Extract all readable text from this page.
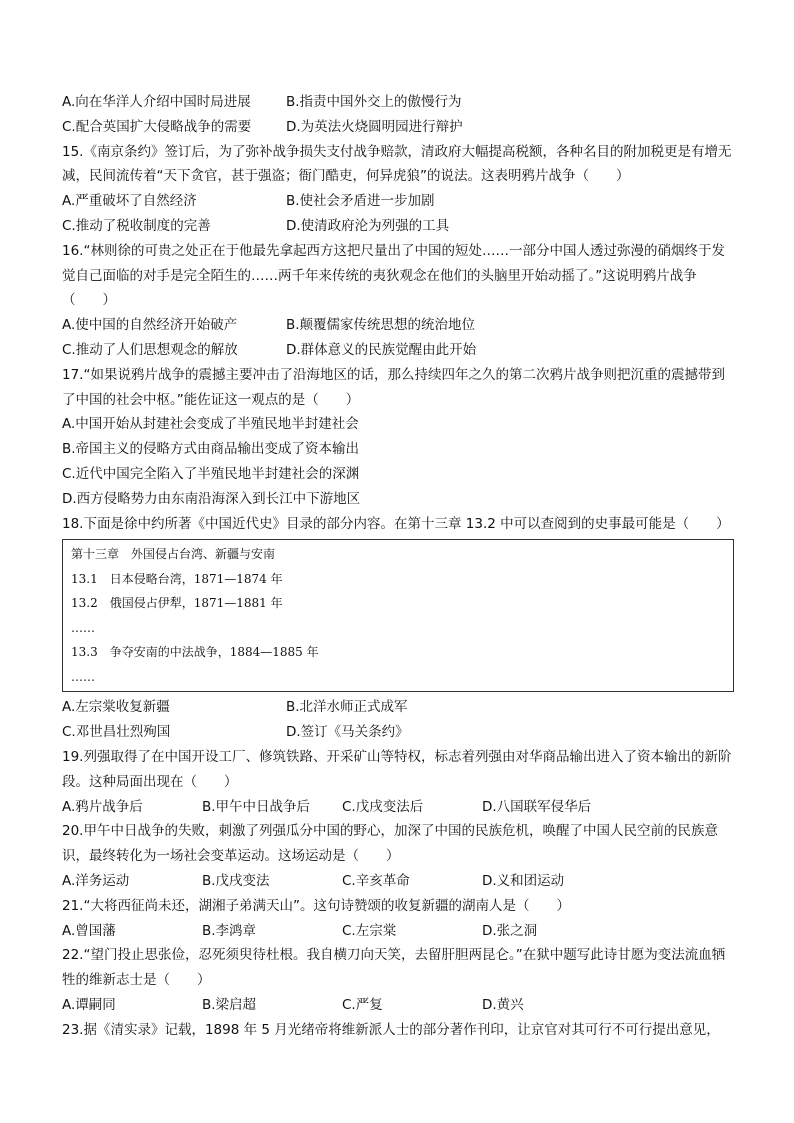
A.向在华洋人介绍中国时局进展	B.指责中国外交上的傲慢行为
C.配合英国扩大侵略战争的需要	D.为英法火烧圆明园进行辩护
15.《南京条约》签订后，为了弥补战争损失支付战争赔款，清政府大幅提高税额，各种名目的附加税更是有增无减，民间流传着“天下贪官，甚于强盗；衙门酷吏，何异虎狼”的说法。这表明鸦片战争（　　）
A.严重破坏了自然经济	B.使社会矛盾进一步加剧
C.推动了税收制度的完善	D.使清政府沦为列强的工具
16.“林则徐的可贵之处正在于他最先拿起西方这把尺量出了中国的短处……一部分中国人透过弥漫的硝烟终于发觉自己面临的对手是完全陌生的……两千年来传统的夷狄观念在他们的头脑里开始动摇了。”这说明鸦片战争（　　）
A.使中国的自然经济开始破产	B.颠覆儒家传统思想的统治地位
C.推动了人们思想观念的解放	D.群体意义的民族觉醒由此开始
17.“如果说鸦片战争的震撼主要冲击了沿海地区的话，那么持续四年之久的第二次鸦片战争则把沉重的震撼带到了中国的社会中枢。”能佐证这一观点的是（　　）
A.中国开始从封建社会变成了半殖民地半封建社会
B.帝国主义的侵略方式由商品输出变成了资本输出
C.近代中国完全陷入了半殖民地半封建社会的深渊
D.西方侵略势力由东南沿海深入到长江中下游地区
18.下面是徐中约所著《中国近代史》目录的部分内容。在第十三章 13.2 中可以查阅到的史事最可能是（　　）
第十三章　外国侵占台湾、新疆与安南
13.1　日本侵略台湾，1871—1874 年
13.2　俄国侵占伊犁，1871—1881 年
……
13.3　争夺安南的中法战争，1884—1885 年
……
A.左宗棠收复新疆	B.北洋水师正式成军
C.邓世昌壮烈殉国	D.签订《马关条约》
19.列强取得了在中国开设工厂、修筑铁路、开采矿山等特权，标志着列强由对华商品输出进入了资本输出的新阶段。这种局面出现在（　　）
A.鸦片战争后	B.甲午中日战争后	C.戊戌变法后	D.八国联军侵华后
20.甲午中日战争的失败，刺激了列强瓜分中国的野心，加深了中国的民族危机，唤醒了中国人民空前的民族意识，最终转化为一场社会变革运动。这场运动是（　　）
A.洋务运动	B.戊戌变法	C.辛亥革命	D.义和团运动
21.“大将西征尚未还，湖湘子弟满天山”。这句诗赞颂的收复新疆的湖南人是（　　）
A.曾国藩	B.李鸿章	C.左宗棠	D.张之洞
22.“望门投止思张俭，忍死须臾待杜根。我自横刀向天笑，去留肝胆两昆仑。”在狱中题写此诗甘愿为变法流血牺牲的维新志士是（　　）
A.谭嗣同	B.梁启超	C.严复	D.黄兴
23.据《清实录》记载，1898 年 5 月光绪帝将维新派人士的部分著作刊印，让京官对其可行不可行提出意见，
